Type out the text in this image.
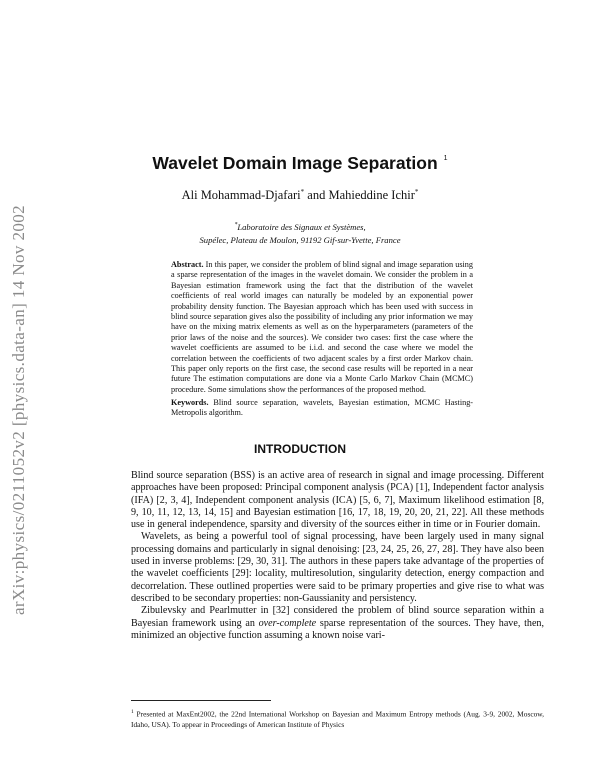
arXiv:physics/0211052v2 [physics.data-an] 14 Nov 2002
Wavelet Domain Image Separation $^1$
Ali Mohammad-Djafari* and Mahieddine Ichir*
*Laboratoire des Signaux et Systèmes,
Supélec, Plateau de Moulon, 91192 Gif-sur-Yvette, France
Abstract. In this paper, we consider the problem of blind signal and image separation using a sparse representation of the images in the wavelet domain. We consider the problem in a Bayesian estimation framework using the fact that the distribution of the wavelet coefficients of real world images can naturally be modeled by an exponential power probability density function. The Bayesian approach which has been used with success in blind source separation gives also the possibility of including any prior information we may have on the mixing matrix elements as well as on the hyperparameters (parameters of the prior laws of the noise and the sources). We consider two cases: first the case where the wavelet coefficients are assumed to be i.i.d. and second the case where we model the correlation between the coefficients of two adjacent scales by a first order Markov chain. This paper only reports on the first case, the second case results will be reported in a near future The estimation computations are done via a Monte Carlo Markov Chain (MCMC) procedure. Some simulations show the performances of the proposed method.
Keywords. Blind source separation, wavelets, Bayesian estimation, MCMC Hasting-Metropolis algorithm.
INTRODUCTION

Blind source separation (BSS) is an active area of research in signal and image processing. Different approaches have been proposed: Principal component analysis (PCA) [1], Independent factor analysis (IFA) [2, 3, 4], Independent component analysis (ICA) [5, 6, 7], Maximum likelihood estimation [8, 9, 10, 11, 12, 13, 14, 15] and Bayesian estimation [16, 17, 18, 19, 20, 20, 21, 22]. All these methods use in general independence, sparsity and diversity of the sources either in time or in Fourier domain.

Wavelets, as being a powerful tool of signal processing, have been largely used in many signal processing domains and particularly in signal denoising: [23, 24, 25, 26, 27, 28]. They have also been used in inverse problems: [29, 30, 31]. The authors in these papers take advantage of the properties of the wavelet coefficients [29]: locality, multiresolution, singularity detection, energy compaction and decorrelation. These outlined properties were said to be primary properties and give rise to what was described to be secondary properties: non-Gaussianity and persistency.

Zibulevsky and Pearlmutter in [32] considered the problem of blind source separation within a Bayesian framework using an over-complete sparse representation of the sources. They have, then, minimized an objective function assuming a known noise vari-

$^1$ Presented at MaxEnt2002, the 22nd International Workshop on Bayesian and Maximum Entropy methods (Aug. 3-9, 2002, Moscow, Idaho, USA). To appear in Proceedings of American Institute of Physics
